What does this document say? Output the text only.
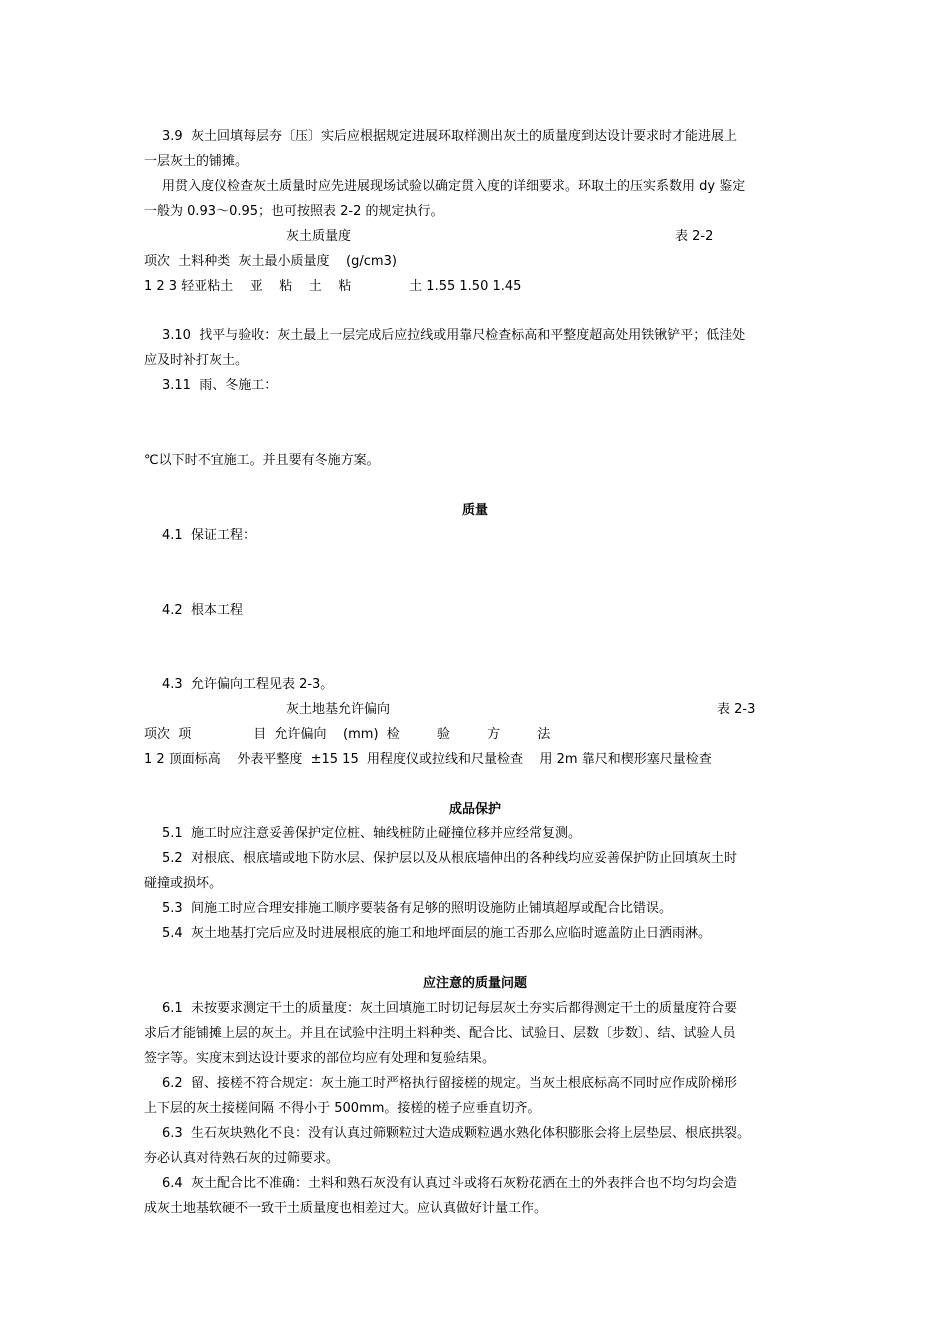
3.9  灰土回填每层夯〔压〕实后应根据规定进展环取样测出灰土的质量度到达设计要求时才能进展上
一层灰土的铺摊。
用贯入度仪检查灰土质量时应先进展现场试验以确定贯入度的详细要求。环取土的压实系数用 dy 鉴定
一般为 0.93～0.95；也可按照表 2-2 的规定执行。
灰土质量度	表 2-2
项次  土料种类  灰土最小质量度    (g/cm3)
1 2 3 轻亚粘土    亚    粘    土    粘              土 1.55 1.50 1.45
3.10  找平与验收：灰土最上一层完成后应拉线或用靠尺检查标高和平整度超高处用铁锹铲平；低洼处
应及时补打灰土。
3.11  雨、冬施工：
℃以下时不宜施工。并且要有冬施方案。
质量
4.1  保证工程：
4.2  根本工程
4.3  允许偏向工程见表 2-3。
灰土地基允许偏向	表 2-3
项次  项               目  允许偏向    (mm)  检         验         方         法
1 2 顶面标高    外表平整度  ±15 15  用程度仪或拉线和尺量检查    用 2m 靠尺和楔形塞尺量检查
成品保护
5.1  施工时应注意妥善保护定位桩、轴线桩防止碰撞位移并应经常复测。
5.2  对根底、根底墙或地下防水层、保护层以及从根底墙伸出的各种线均应妥善保护防止回填灰土时
碰撞或损坏。
5.3  间施工时应合理安排施工顺序要装备有足够的照明设施防止铺填超厚或配合比错误。
5.4  灰土地基打完后应及时进展根底的施工和地坪面层的施工否那么应临时遮盖防止日洒雨淋。
应注意的质量问题
6.1  未按要求测定干土的质量度：灰土回填施工时切记每层灰土夯实后都得测定干土的质量度符合要
求后才能铺摊上层的灰土。并且在试验中注明土料种类、配合比、试验日、层数〔步数〕、结、试验人员
签字等。实度末到达设计要求的部位均应有处理和复验结果。
6.2  留、接槎不符合规定：灰土施工时严格执行留接槎的规定。当灰土根底标高不同时应作成阶梯形
上下层的灰土接槎间隔 不得小于 500mm。接槎的槎子应垂直切齐。
6.3  生石灰块熟化不良：没有认真过筛颗粒过大造成颗粒遇水熟化体积膨胀会将上层垫层、根底拱裂。
夯必认真对待熟石灰的过筛要求。
6.4  灰土配合比不准确：土料和熟石灰没有认真过斗或将石灰粉花洒在土的外表拌合也不均匀均会造
成灰土地基软硬不一致干土质量度也相差过大。应认真做好计量工作。
